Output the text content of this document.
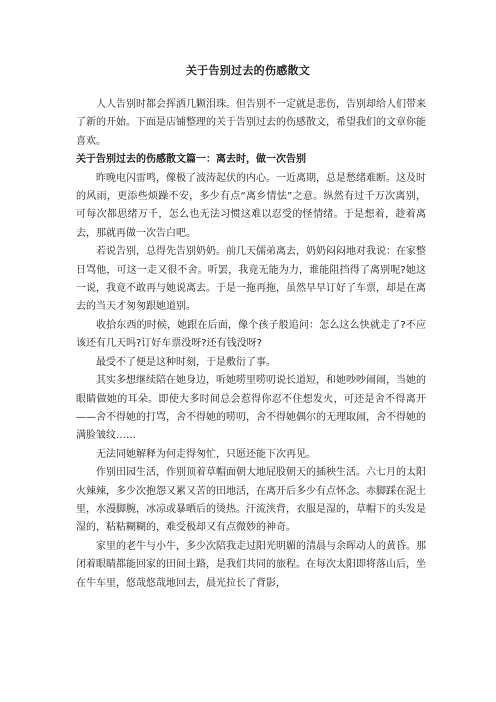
关于告别过去的伤感散文

人人告别时都会挥洒几颗泪珠。但告别不一定就是悲伤，告别却给人们带来了新的开始。下面是店铺整理的关于告别过去的伤感散文，希望我们的文章你能喜欢。

关于告别过去的伤感散文篇一：离去时，做一次告别

昨晚电闪雷鸣，像极了波涛起伏的内心。一近离期，总是愁绪难断。这及时的风雨，更添些烦躁不安，多少有点“离乡情怯”之意。纵然有过千万次离别，可每次都思绪万千，怎么也无法习惯这难以忍受的怪情绪。于是想着，趁着离去，那就再做一次告白吧。

若说告别，总得先告别奶奶。前几天儒弟离去，奶奶闷闷地对我说：在家整日骂他，可这一走又很不舍。听罢，我竟无能为力，谁能阻挡得了离别呢?她这一说，我竟不敢再与她说离去。于是一拖再拖，虽然早早订好了车票，却是在离去的当天才匆匆跟她道别。

收拾东西的时候，她跟在后面，像个孩子般追问：怎么这么快就走了?不应该还有几天吗?订好车票没呀?还有钱没呀?

最受不了便是这种时刻，于是敷衍了事。

其实多想继续陪在她身边，听她唠里唠叨说长道短，和她吵吵闹闹，当她的眼睛做她的耳朵。即使大多时间总会惹得你忍不住想发火，可还是舍不得离开——舍不得她的打骂，舍不得她的唠叨，舍不得她偶尔的无理取闹，舍不得她的满脸皱纹……

无法同她解释为何走得匆忙，只愿还能下次再见。

作别田园生活，作别顶着草帽面朝大地屁股朝天的插秧生活。六七月的太阳火辣辣，多少次抱怨又累又苦的田地活，在离开后多少有点怀念。赤脚踩在泥土里，水漫脚腕，冰凉或暴晒后的烫热。汗流浃背，衣服是湿的，草帽下的头发是湿的，粘粘糊糊的，难受极却又有点微妙的神奇。

家里的老牛与小牛，多少次陪我走过阳光明媚的清晨与余晖动人的黄昏。那闭着眼睛都能回家的田间土路，是我们共同的旅程。在每次太阳即将落山后，坐在牛车里，悠哉悠哉地回去，晨光拉长了背影，
